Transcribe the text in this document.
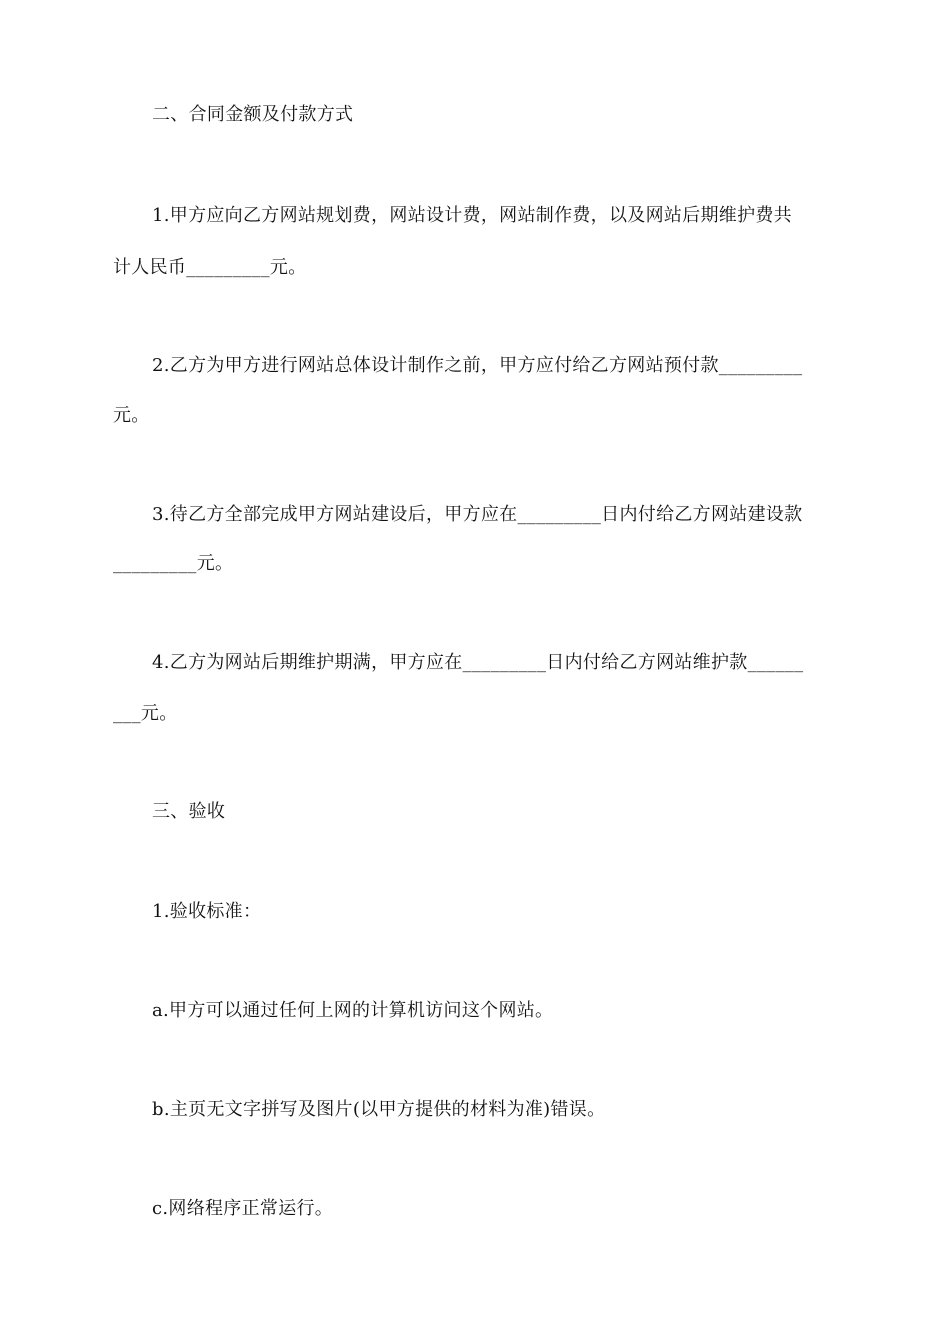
二、合同金额及付款方式
1.甲方应向乙方网站规划费，网站设计费，网站制作费，以及网站后期维护费共
计人民币_________元。
2.乙方为甲方进行网站总体设计制作之前，甲方应付给乙方网站预付款_________
元。
3.待乙方全部完成甲方网站建设后，甲方应在_________日内付给乙方网站建设款
_________元。
4.乙方为网站后期维护期满，甲方应在_________日内付给乙方网站维护款______
___元。
三、验收
1.验收标准：
a.甲方可以通过任何上网的计算机访问这个网站。
b.主页无文字拼写及图片(以甲方提供的材料为准)错误。
c.网络程序正常运行。
